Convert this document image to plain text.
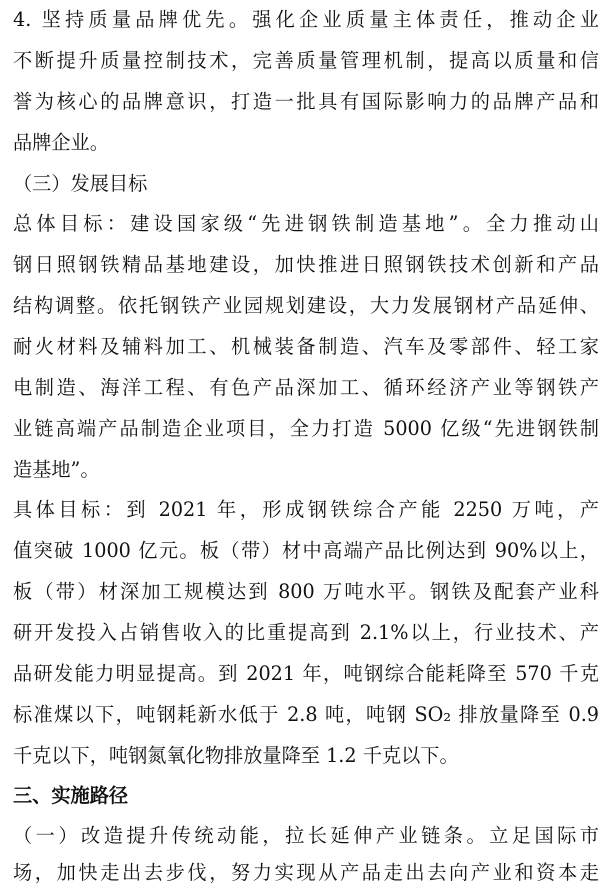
4. 坚持质量品牌优先。强化企业质量主体责任，推动企业
不断提升质量控制技术，完善质量管理机制，提高以质量和信
誉为核心的品牌意识，打造一批具有国际影响力的品牌产品和
品牌企业。
（三）发展目标
总体目标：建设国家级“先进钢铁制造基地”。全力推动山
钢日照钢铁精品基地建设，加快推进日照钢铁技术创新和产品
结构调整。依托钢铁产业园规划建设，大力发展钢材产品延伸、
耐火材料及辅料加工、机械装备制造、汽车及零部件、轻工家
电制造、海洋工程、有色产品深加工、循环经济产业等钢铁产
业链高端产品制造企业项目，全力打造 5000 亿级“先进钢铁制
造基地”。
具体目标：到 2021 年，形成钢铁综合产能 2250 万吨，产
值突破 1000 亿元。板（带）材中高端产品比例达到 90%以上，
板（带）材深加工规模达到 800 万吨水平。钢铁及配套产业科
研开发投入占销售收入的比重提高到 2.1%以上，行业技术、产
品研发能力明显提高。到 2021 年，吨钢综合能耗降至 570 千克
标准煤以下，吨钢耗新水低于 2.8 吨，吨钢 SO₂ 排放量降至 0.9
千克以下，吨钢氮氧化物排放量降至 1.2 千克以下。
三、实施路径
（一）改造提升传统动能，拉长延伸产业链条。立足国际市
场，加快走出去步伐，努力实现从产品走出去向产业和资本走
